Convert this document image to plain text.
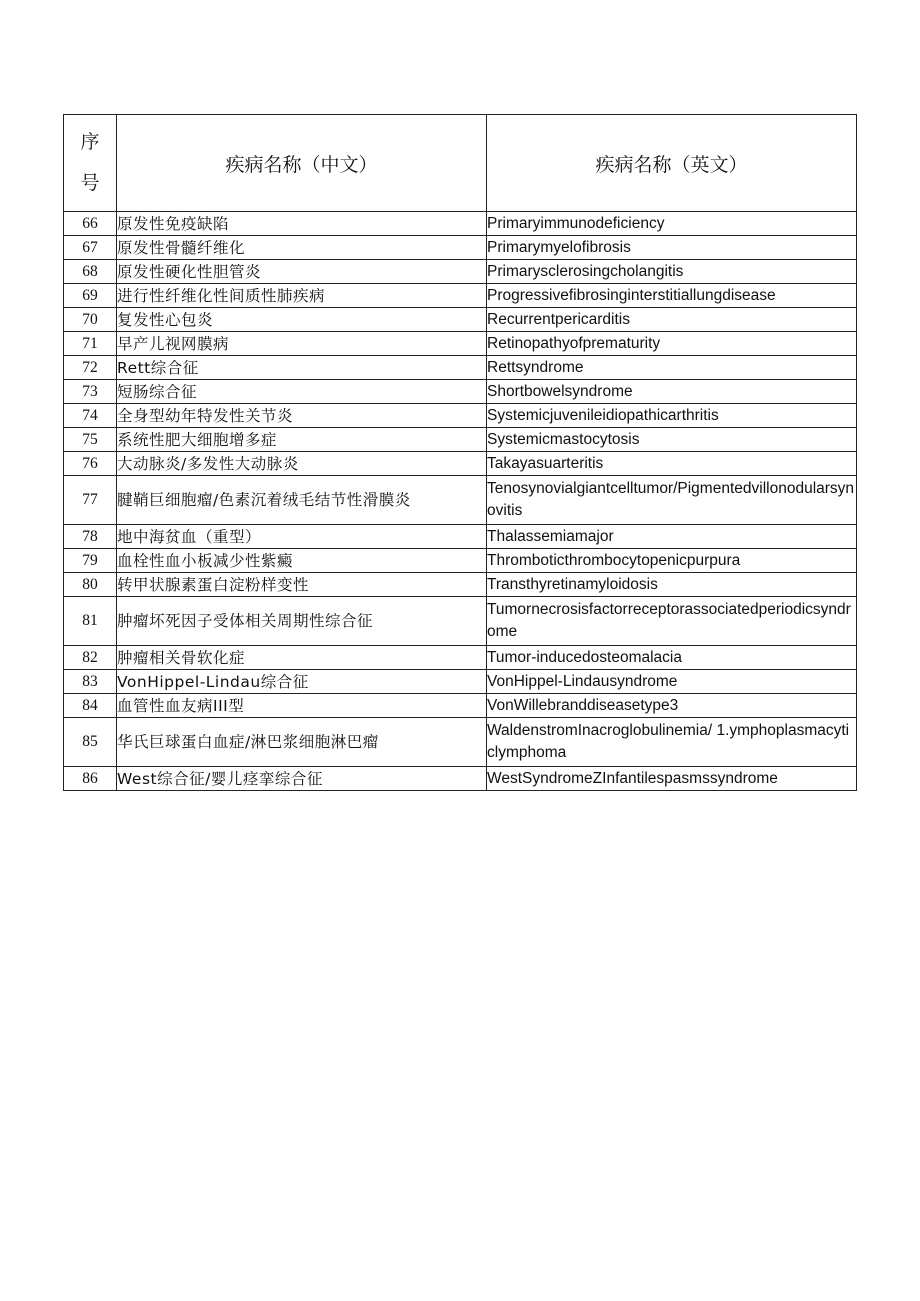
序
号	疾病名称（中文）	疾病名称（英文）
66	原发性免疫缺陷	Primaryimmunodeficiency
67	原发性骨髓纤维化	Primarymyelofibrosis
68	原发性硬化性胆管炎	Primarysclerosingcholangitis
69	进行性纤维化性间质性肺疾病	Progressivefibrosinginterstitiallungdisease
70	复发性心包炎	Recurrentpericarditis
71	早产儿视网膜病	Retinopathyofprematurity
72	Rett综合征	Rettsyndrome
73	短肠综合征	Shortbowelsyndrome
74	全身型幼年特发性关节炎	Systemicjuvenileidiopathicarthritis
75	系统性肥大细胞增多症	Systemicmastocytosis
76	大动脉炎/多发性大动脉炎	Takayasuarteritis
77	腱鞘巨细胞瘤/色素沉着绒毛结节性滑膜炎	Tenosynovialgiantcelltumor/Pigmentedvillonodularsynovitis
78	地中海贫血（重型）	Thalassemiamajor
79	血栓性血小板减少性紫癜	Thromboticthrombocytopenicpurpura
80	转甲状腺素蛋白淀粉样变性	Transthyretinamyloidosis
81	肿瘤坏死因子受体相关周期性综合征	Tumornecrosisfactorreceptorassociatedperiodicsyndrome
82	肿瘤相关骨软化症	Tumor-inducedosteomalacia
83	VonHippel-Lindau综合征	VonHippel-Lindausyndrome
84	血管性血友病III型	VonWillebranddiseasetype3
85	华氏巨球蛋白血症/淋巴浆细胞淋巴瘤	WaldenstromInacroglobulinemia/ 1.ymphoplasmacyticlymphoma
86	West综合征/婴儿痉挛综合征	WestSyndromeZInfantilespasmssyndrome
